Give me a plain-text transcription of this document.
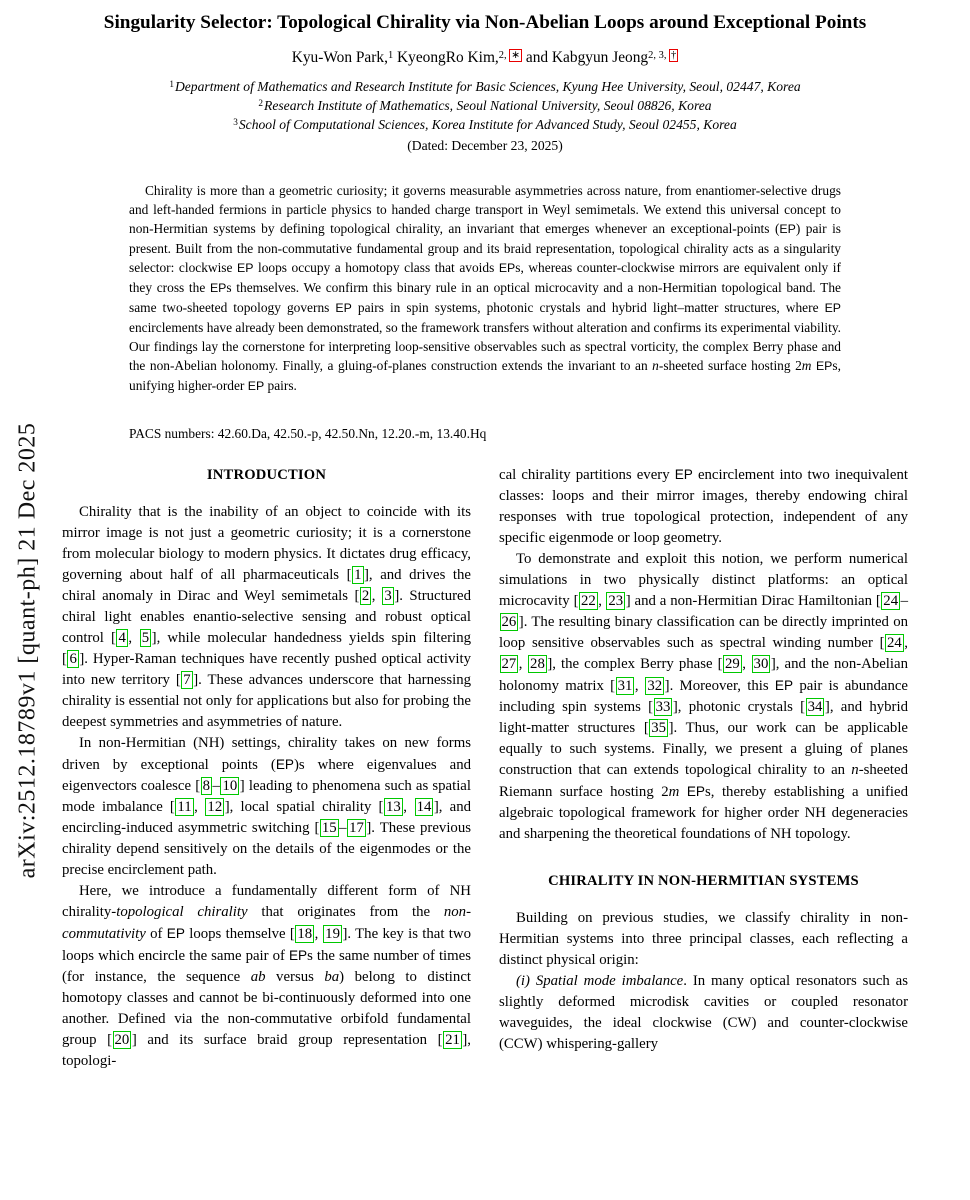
arXiv:2512.18789v1 [quant-ph] 21 Dec 2025
Singularity Selector: Topological Chirality via Non-Abelian Loops around Exceptional Points
Kyu-Won Park,$^1$ KyeongRo Kim,$^{2,}$ ∗ and Kabgyun Jeong$^{2, 3,}$ †
$^1$Department of Mathematics and Research Institute for Basic Sciences, Kyung Hee University, Seoul, 02447, Korea
$^2$Research Institute of Mathematics, Seoul National University, Seoul 08826, Korea
$^3$School of Computational Sciences, Korea Institute for Advanced Study, Seoul 02455, Korea
(Dated: December 23, 2025)
Chirality is more than a geometric curiosity; it governs measurable asymmetries across nature, from enantiomer-selective drugs and left-handed fermions in particle physics to handed charge transport in Weyl semimetals. We extend this universal concept to non-Hermitian systems by defining topological chirality, an invariant that emerges whenever an exceptional-points (EP) pair is present. Built from the non-commutative fundamental group and its braid representation, topological chirality acts as a singularity selector: clockwise EP loops occupy a homotopy class that avoids EPs, whereas counter-clockwise mirrors are equivalent only if they cross the EPs themselves. We confirm this binary rule in an optical microcavity and a non-Hermitian topological band. The same two-sheeted topology governs EP pairs in spin systems, photonic crystals and hybrid light–matter structures, where EP encirclements have already been demonstrated, so the framework transfers without alteration and confirms its experimental viability. Our findings lay the cornerstone for interpreting loop-sensitive observables such as spectral vorticity, the complex Berry phase and the non-Abelian holonomy. Finally, a gluing-of-planes construction extends the invariant to an n-sheeted surface hosting 2m EPs, unifying higher-order EP pairs.
PACS numbers: 42.60.Da, 42.50.-p, 42.50.Nn, 12.20.-m, 13.40.Hq
INTRODUCTION

Chirality that is the inability of an object to coincide with its mirror image is not just a geometric curiosity; it is a cornerstone from molecular biology to modern physics. It dictates drug efficacy, governing about half of all pharmaceuticals [ 1 ], and drives the chiral anomaly in Dirac and Weyl semimetals [ 2 , 3 ]. Structured chiral light enables enantio-selective sensing and robust optical control [ 4 , 5 ], while molecular handedness yields spin filtering [ 6 ]. Hyper-Raman techniques have recently pushed optical activity into new territory [ 7 ]. These advances underscore that harnessing chirality is essential not only for applications but also for probing the deepest symmetries and asymmetries of nature.

In non-Hermitian (NH) settings, chirality takes on new forms driven by exceptional points (EP)s where eigenvalues and eigenvectors coalesce [ 8 – 10 ] leading to phenomena such as spatial mode imbalance [ 11 , 12 ], local spatial chirality [ 13 , 14 ], and encircling-induced asymmetric switching [ 15 – 17 ]. These previous chirality depend sensitively on the details of the eigenmodes or the precise encirclement path.

Here, we introduce a fundamentally different form of NH chirality-topological chirality that originates from the non-commutativity of EP loops themselve [ 18 , 19 ]. The key is that two loops which encircle the same pair of EPs the same number of times (for instance, the sequence ab versus ba) belong to distinct homotopy classes and cannot be bi-continuously deformed into one another. Defined via the non-commutative orbifold fundamental group [ 20 ] and its surface braid group representation [ 21 ], topologi-

cal chirality partitions every EP encirclement into two inequivalent classes: loops and their mirror images, thereby endowing chiral responses with true topological protection, independent of any specific eigenmode or loop geometry.

To demonstrate and exploit this notion, we perform numerical simulations in two physically distinct platforms: an optical microcavity [ 22 , 23 ] and a non-Hermitian Dirac Hamiltonian [ 24 –26 ]. The resulting binary classification can be directly imprinted on loop sensitive observables such as spectral winding number [ 24 , 27 , 28 ], the complex Berry phase [ 29 , 30 ], and the non-Abelian holonomy matrix [ 31 , 32 ]. Moreover, this EP pair is abundance including spin systems [ 33 ], photonic crystals [ 34 ], and hybrid light-matter structures [ 35 ]. Thus, our work can be applicable equally to such systems. Finally, we present a gluing of planes construction that can extends topological chirality to an n-sheeted Riemann surface hosting 2m EPs, thereby establishing a unified algebraic topological framework for higher order NH degeneracies and sharpening the theoretical foundations of NH topology.

CHIRALITY IN NON-HERMITIAN SYSTEMS

Building on previous studies, we classify chirality in non-Hermitian systems into three principal classes, each reflecting a distinct physical origin:

(i) Spatial mode imbalance. In many optical resonators such as slightly deformed microdisk cavities or coupled resonator waveguides, the ideal clockwise (CW) and counter-clockwise (CCW) whispering-gallery
